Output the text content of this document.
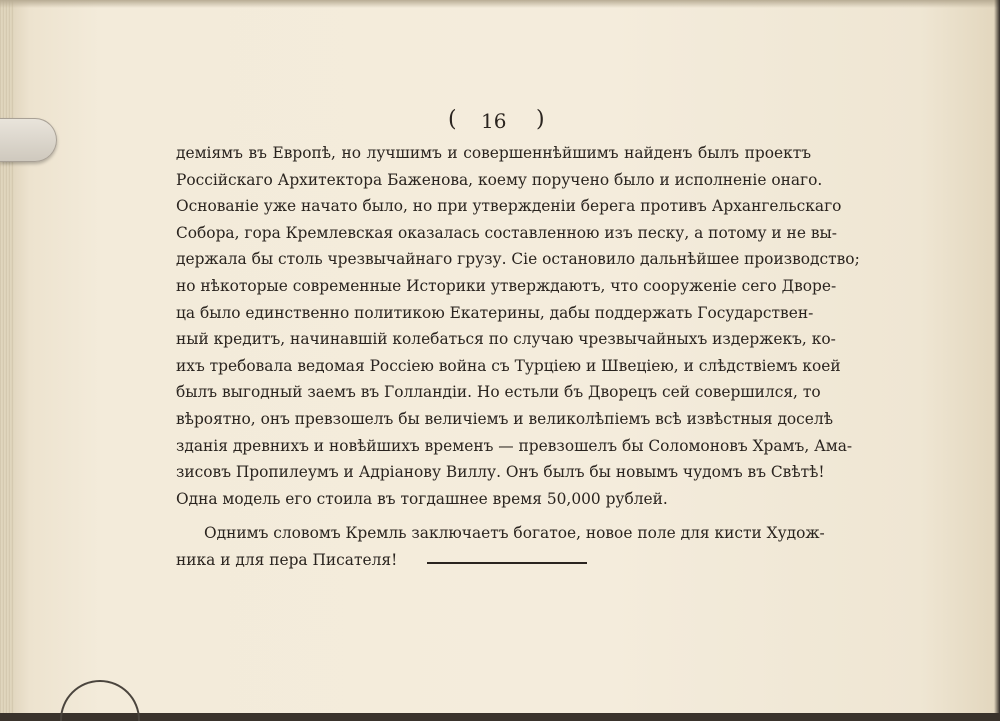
( 16 )
деміямъ въ Европѣ, но лучшимъ и совершеннѣйшимъ найденъ былъ проектъ
Россійскаго Архитектора Баженова, коему поручено было и исполненіе онаго.
Основаніе уже начато было, но при утвержденіи берега противъ Архангельскаго
Собора, гора Кремлевская оказалась составленною изъ песку, а потому и не вы-
держала бы столь чрезвычайнаго грузу. Сіе остановило дальнѣйшее производство;
но нѣкоторые современные Историки утверждаютъ, что сооруженіе сего Дворе-
ца было единственно политикою Екатерины, дабы поддержать Государствен-
ный кредитъ, начинавшій колебаться по случаю чрезвычайныхъ издержекъ, ко-
ихъ требовала ведомая Россіею война съ Турціею и Швеціею, и слѣдствіемъ коей
былъ выгодный заемъ въ Голландіи. Но естьли бъ Дворецъ сей совершился, то
вѣроятно, онъ превзошелъ бы величіемъ и великолѣпіемъ всѣ извѣстныя доселѣ
зданія древнихъ и новѣйшихъ временъ — превзошелъ бы Соломоновъ Храмъ, Ама-
зисовъ Пропилеумъ и Адріанову Виллу. Онъ былъ бы новымъ чудомъ въ Свѣтѣ!
Одна модель его стоила въ тогдашнее время 50,000 рублей.
Однимъ словомъ Кремль заключаетъ богатое, новое поле для кисти Худож-
ника и для пера Писателя!
